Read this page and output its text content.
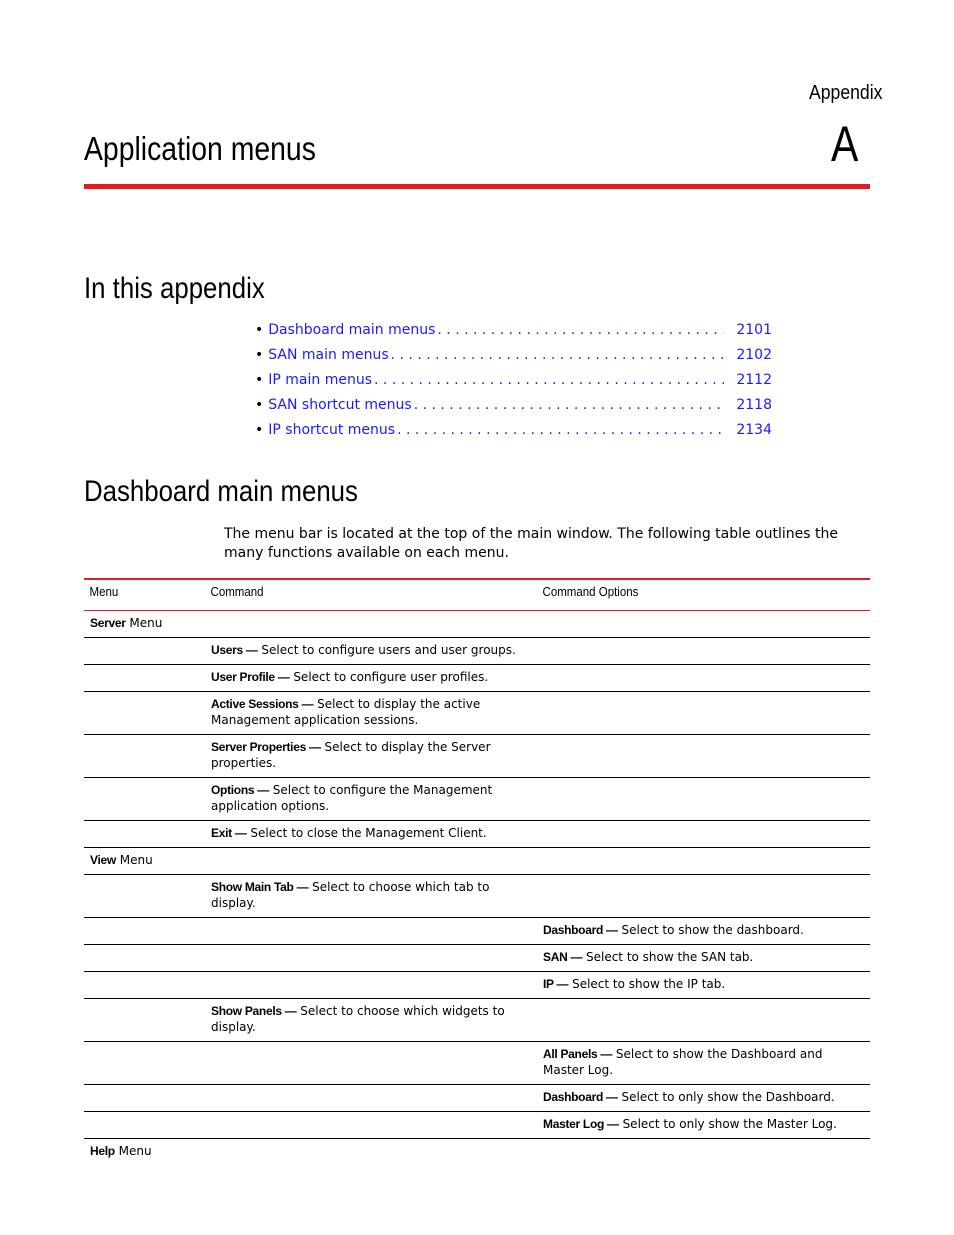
Appendix
A
Application menus
In this appendix
• Dashboard main menus . . .	2101
• SAN main menus . . .	2102
• IP main menus . . .	2112
• SAN shortcut menus . . .	2118
• IP shortcut menus . . .	2134
Dashboard main menus

The menu bar is located at the top of the main window. The following table outlines the many functions available on each menu.

Menu	Command	Command Options
Server Menu		
	Users — Select to configure users and user groups.	
	User Profile — Select to configure user profiles.	
	Active Sessions — Select to display the active Management application sessions.	
	Server Properties — Select to display the Server properties.	
	Options — Select to configure the Management application options.	
	Exit — Select to close the Management Client.	
View Menu		
	Show Main Tab — Select to choose which tab to display.	
		Dashboard — Select to show the dashboard.
		SAN — Select to show the SAN tab.
		IP — Select to show the IP tab.
	Show Panels — Select to choose which widgets to display.	
		All Panels — Select to show the Dashboard and Master Log.
		Dashboard — Select to only show the Dashboard.
		Master Log — Select to only show the Master Log.
Help Menu		
